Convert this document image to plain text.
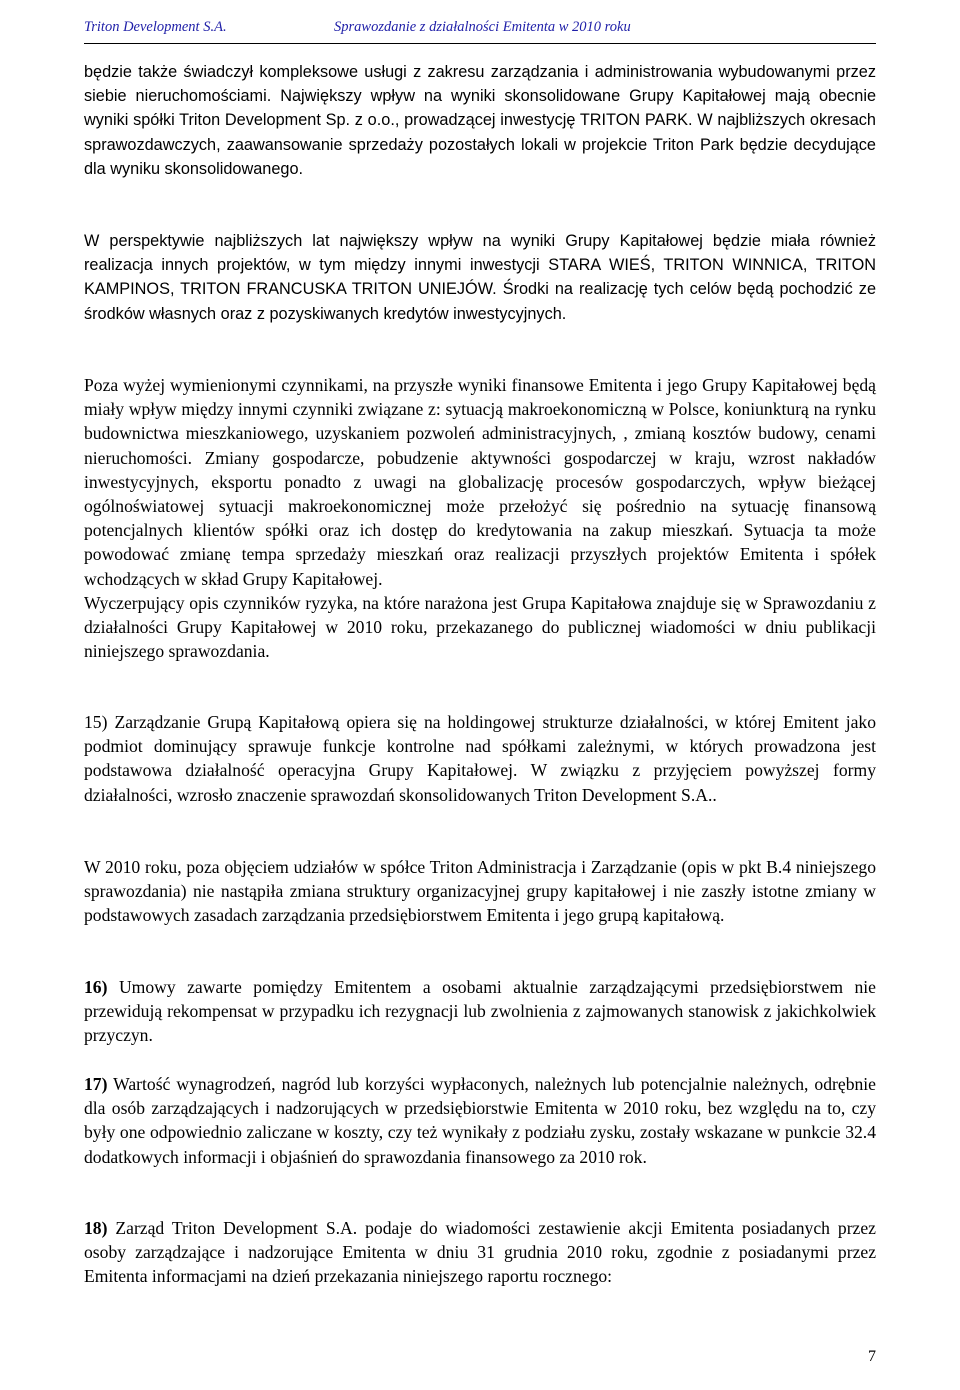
Triton Development S.A.	Sprawozdanie z działalności Emitenta w 2010 roku

będzie także świadczył kompleksowe usługi z zakresu zarządzania i administrowania wybudowanymi przez siebie nieruchomościami. Największy wpływ na wyniki skonsolidowane Grupy Kapitałowej mają obecnie wyniki spółki Triton Development Sp. z o.o., prowadzącej inwestycję TRITON PARK. W najbliższych okresach sprawozdawczych, zaawansowanie sprzedaży pozostałych lokali w projekcie Triton Park będzie decydujące dla wyniku skonsolidowanego.

W perspektywie najbliższych lat największy wpływ na wyniki Grupy Kapitałowej będzie miała również realizacja innych projektów, w tym między innymi inwestycji STARA WIEŚ, TRITON WINNICA, TRITON KAMPINOS, TRITON FRANCUSKA TRITON UNIEJÓW. Środki na realizację tych celów będą pochodzić ze środków własnych oraz z pozyskiwanych kredytów inwestycyjnych.

Poza wyżej wymienionymi czynnikami, na przyszłe wyniki finansowe Emitenta i jego Grupy Kapitałowej będą miały wpływ między innymi czynniki związane z: sytuacją makroekonomiczną w Polsce, koniunkturą na rynku budownictwa mieszkaniowego, uzyskaniem pozwoleń administracyjnych, , zmianą kosztów budowy, cenami nieruchomości. Zmiany gospodarcze, pobudzenie aktywności gospodarczej w kraju, wzrost nakładów inwestycyjnych, eksportu ponadto z uwagi na globalizację procesów gospodarczych, wpływ bieżącej ogólnoświatowej sytuacji makroekonomicznej może przełożyć się pośrednio na sytuację finansową potencjalnych klientów spółki oraz ich dostęp do kredytowania na zakup mieszkań. Sytuacja ta może powodować zmianę tempa sprzedaży mieszkań oraz realizacji przyszłych projektów Emitenta i spółek wchodzących w skład Grupy Kapitałowej.

Wyczerpujący opis czynników ryzyka, na które narażona jest Grupa Kapitałowa znajduje się w Sprawozdaniu z działalności Grupy Kapitałowej w 2010 roku, przekazanego do publicznej wiadomości w dniu publikacji niniejszego sprawozdania.

15) Zarządzanie Grupą Kapitałową opiera się na holdingowej strukturze działalności, w której Emitent jako podmiot dominujący sprawuje funkcje kontrolne nad spółkami zależnymi, w których prowadzona jest podstawowa działalność operacyjna Grupy Kapitałowej. W związku z przyjęciem powyższej formy działalności, wzrosło znaczenie sprawozdań skonsolidowanych Triton Development S.A..

W 2010 roku, poza objęciem udziałów w spółce Triton Administracja i Zarządzanie (opis w pkt B.4 niniejszego sprawozdania) nie nastąpiła zmiana struktury organizacyjnej grupy kapitałowej i nie zaszły istotne zmiany w podstawowych zasadach zarządzania przedsiębiorstwem Emitenta i jego grupą kapitałową.

16) Umowy zawarte pomiędzy Emitentem a osobami aktualnie zarządzającymi przedsiębiorstwem nie przewidują rekompensat w przypadku ich rezygnacji lub zwolnienia z zajmowanych stanowisk z jakichkolwiek przyczyn.

17) Wartość wynagrodzeń, nagród lub korzyści wypłaconych, należnych lub potencjalnie należnych, odrębnie dla osób zarządzających i nadzorujących w przedsiębiorstwie Emitenta w 2010 roku, bez względu na to, czy były one odpowiednio zaliczane w koszty, czy też wynikały z podziału zysku, zostały wskazane w punkcie 32.4 dodatkowych informacji i objaśnień do sprawozdania finansowego za 2010 rok.

18) Zarząd Triton Development S.A. podaje do wiadomości zestawienie akcji Emitenta posiadanych przez osoby zarządzające i nadzorujące Emitenta w dniu 31 grudnia 2010 roku, zgodnie z posiadanymi przez Emitenta informacjami na dzień przekazania niniejszego raportu rocznego:

7
